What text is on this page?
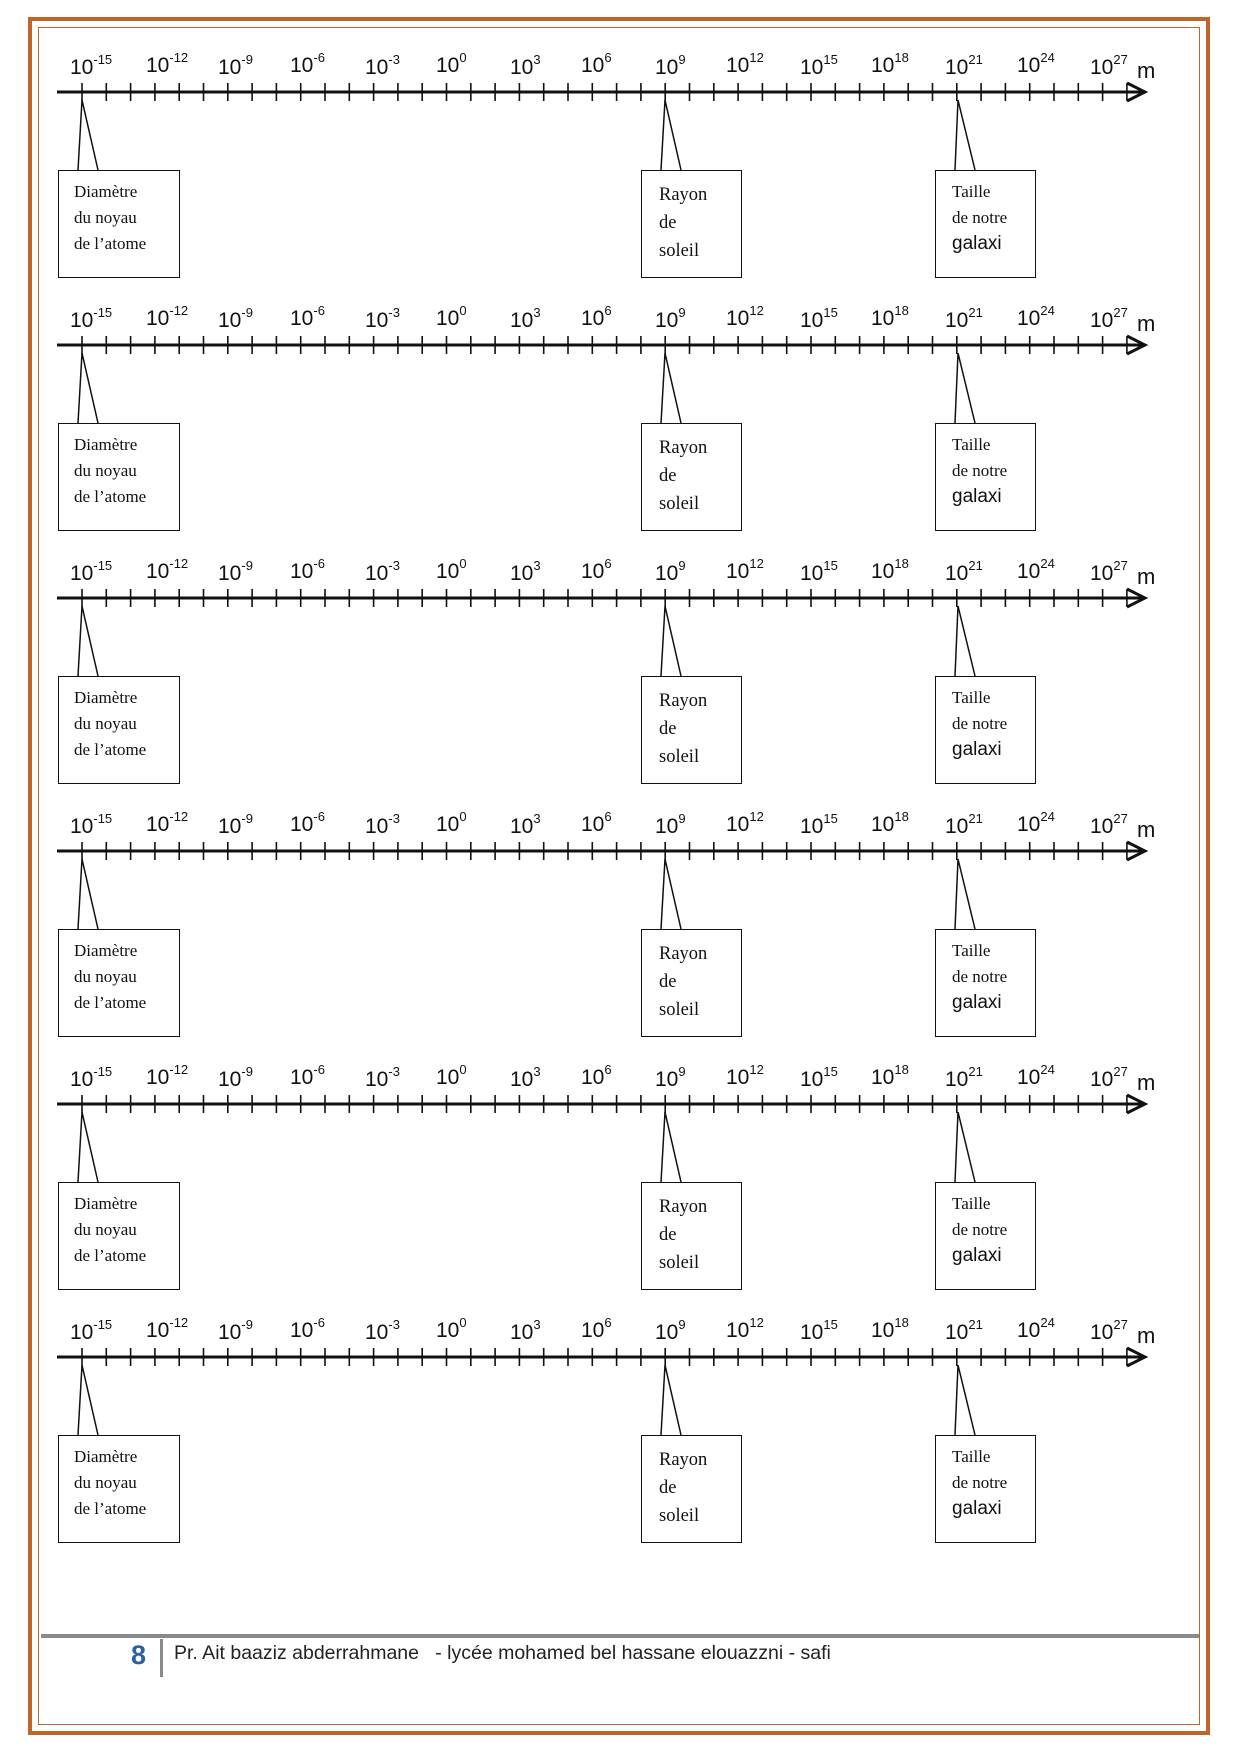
$10^{-15}$ $10^{-12}$ $10^{-9}$ $10^{-6}$ $10^{-3}$ $10^0$ $10^3$ $10^6$ $10^9$ $10^{12}$ $10^{15}$ $10^{18}$ $10^{21}$ $10^{24}$ $10^{27}$ m
Diamètre
du noyau
de l’atome
Rayon
de
soleil
Taille
de notre
galaxi
$10^{-15}$ $10^{-12}$ $10^{-9}$ $10^{-6}$ $10^{-3}$ $10^0$ $10^3$ $10^6$ $10^9$ $10^{12}$ $10^{15}$ $10^{18}$ $10^{21}$ $10^{24}$ $10^{27}$ m
Diamètre
du noyau
de l’atome
Rayon
de
soleil
Taille
de notre
galaxi
$10^{-15}$ $10^{-12}$ $10^{-9}$ $10^{-6}$ $10^{-3}$ $10^0$ $10^3$ $10^6$ $10^9$ $10^{12}$ $10^{15}$ $10^{18}$ $10^{21}$ $10^{24}$ $10^{27}$ m
Diamètre
du noyau
de l’atome
Rayon
de
soleil
Taille
de notre
galaxi
$10^{-15}$ $10^{-12}$ $10^{-9}$ $10^{-6}$ $10^{-3}$ $10^0$ $10^3$ $10^6$ $10^9$ $10^{12}$ $10^{15}$ $10^{18}$ $10^{21}$ $10^{24}$ $10^{27}$ m
Diamètre
du noyau
de l’atome
Rayon
de
soleil
Taille
de notre
galaxi
$10^{-15}$ $10^{-12}$ $10^{-9}$ $10^{-6}$ $10^{-3}$ $10^0$ $10^3$ $10^6$ $10^9$ $10^{12}$ $10^{15}$ $10^{18}$ $10^{21}$ $10^{24}$ $10^{27}$ m
Diamètre
du noyau
de l’atome
Rayon
de
soleil
Taille
de notre
galaxi
$10^{-15}$ $10^{-12}$ $10^{-9}$ $10^{-6}$ $10^{-3}$ $10^0$ $10^3$ $10^6$ $10^9$ $10^{12}$ $10^{15}$ $10^{18}$ $10^{21}$ $10^{24}$ $10^{27}$ m
Diamètre
du noyau
de l’atome
Rayon
de
soleil
Taille
de notre
galaxi
8 Pr. Ait baaziz abderrahmane   - lycée mohamed bel hassane elouazzni - safi
